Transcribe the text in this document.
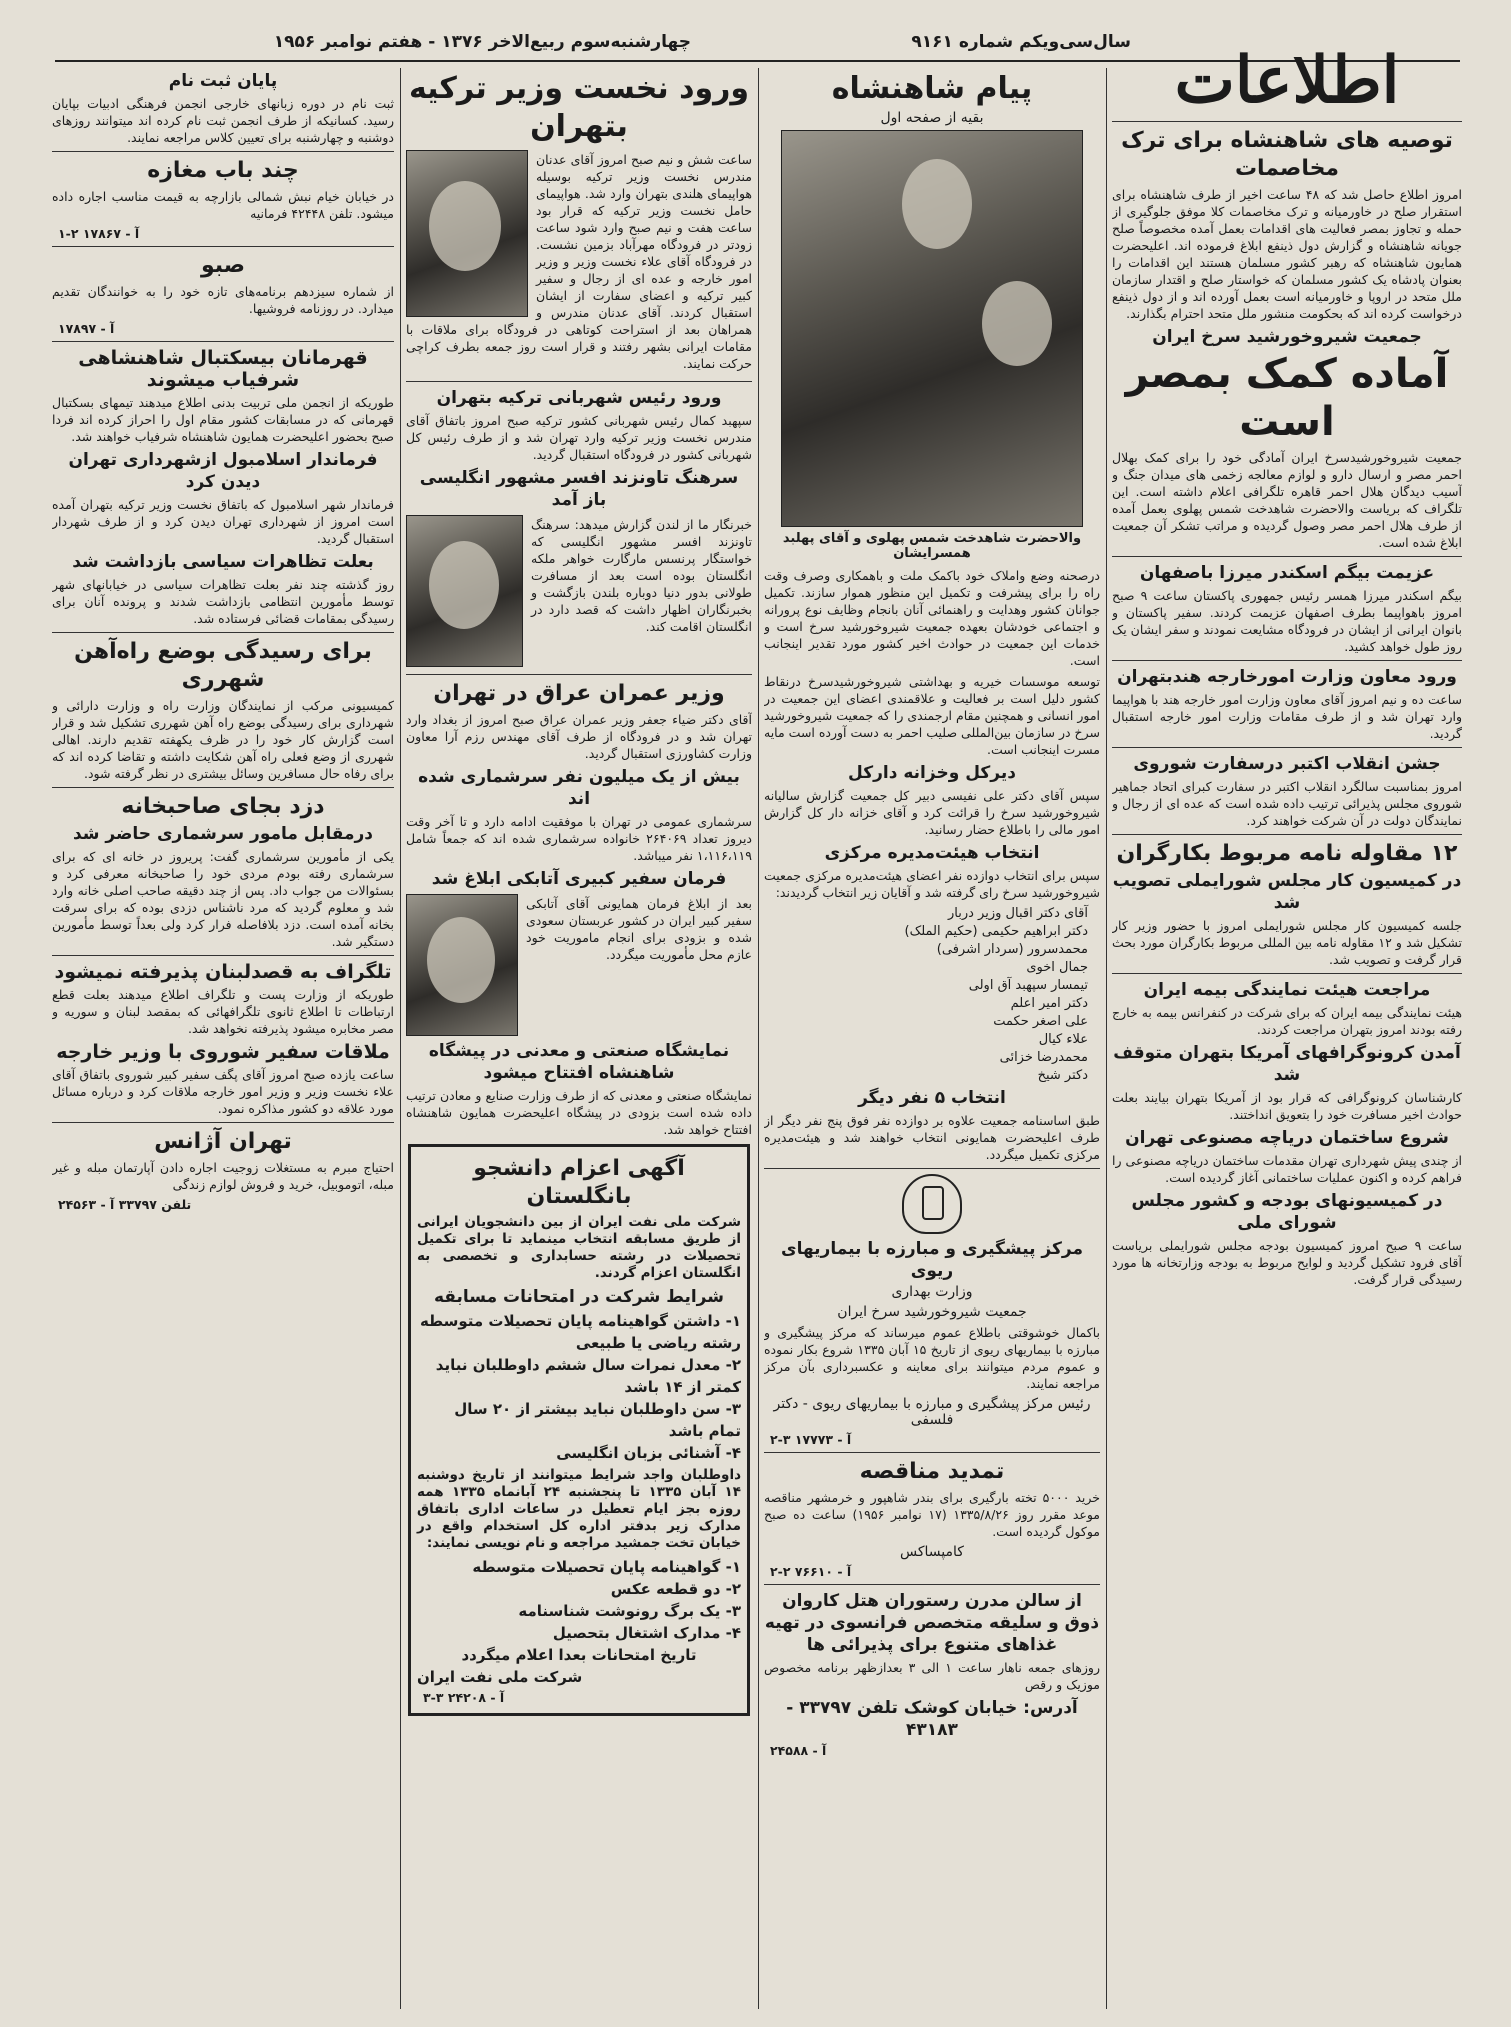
سال‌سی‌ویکم شماره ۹۱۶۱
چهارشنبه‌سوم ربیع‌الاخر ۱۳۷۶ - هفتم نوامبر ۱۹۵۶
اطلاعات
توصیه های شاهنشاه برای ترک مخاصمات

امروز اطلاع حاصل شد که ۴۸ ساعت اخیر از طرف شاهنشاه برای استقرار صلح در خاورمیانه و ترک مخاصمات کلا موفق جلوگیری از حمله و تجاوز بمصر فعالیت های اقدامات بعمل آمده مخصوصاً صلح جویانه شاهنشاه و گزارش دول ذینفع ابلاغ فرموده اند. اعلیحضرت همایون شاهنشاه که رهبر کشور مسلمان هستند این اقدامات را بعنوان پادشاه یک کشور مسلمان که خواستار صلح و اقتدار سازمان ملل متحد در اروپا و خاورمیانه است بعمل آورده اند و از دول ذینفع درخواست کرده اند که بحکومت منشور ملل متحد احترام بگذارند.

جمعیت شیروخورشید سرخ ایران
آماده کمک بمصر است

جمعیت شیروخورشیدسرخ ایران آمادگی خود را برای کمک بهلال احمر مصر و ارسال دارو و لوازم معالجه زخمی های میدان جنگ و آسیب دیدگان هلال احمر قاهره تلگرافی اعلام داشته است. این تلگراف که بریاست والاحضرت شاهدخت شمس پهلوی بعمل آمده از طرف هلال احمر مصر وصول گردیده و مراتب تشکر آن جمعیت ابلاغ شده است.

عزیمت بیگم اسکندر میرزا باصفهان

بیگم اسکندر میرزا همسر رئیس جمهوری پاکستان ساعت ۹ صبح امروز باهواپیما بطرف اصفهان عزیمت کردند. سفیر پاکستان و بانوان ایرانی از ایشان در فرودگاه مشایعت نمودند و سفر ایشان یک روز طول خواهد کشید.

ورود معاون وزارت امورخارجه هندبتهران

ساعت ده و نیم امروز آقای معاون وزارت امور خارجه هند با هواپیما وارد تهران شد و از طرف مقامات وزارت امور خارجه استقبال گردید.

جشن انقلاب اکتبر درسفارت شوروی

امروز بمناسبت سالگرد انقلاب اکتبر در سفارت کبرای اتحاد جماهیر شوروی مجلس پذیرائی ترتیب داده شده است که عده ای از رجال و نمایندگان دولت در آن شرکت خواهند کرد.

۱۲ مقاوله نامه مربوط بکارگران
در کمیسیون کار مجلس شورایملی تصویب شد

جلسه کمیسیون کار مجلس شورایملی امروز با حضور وزیر کار تشکیل شد و ۱۲ مقاوله نامه بین المللی مربوط بکارگران مورد بحث قرار گرفت و تصویب شد.

مراجعت هیئت نمایندگی بیمه ایران

هیئت نمایندگی بیمه ایران که برای شرکت در کنفرانس بیمه به خارج رفته بودند امروز بتهران مراجعت کردند.

آمدن کرونوگرافهای آمریکا بتهران متوقف شد

کارشناسان کرونوگرافی که قرار بود از آمریکا بتهران بیایند بعلت حوادث اخیر مسافرت خود را بتعویق انداختند.

شروع ساختمان دریاچه مصنوعی تهران

از چندی پیش شهرداری تهران مقدمات ساختمان دریاچه مصنوعی را فراهم کرده و اکنون عملیات ساختمانی آغاز گردیده است.

در کمیسیونهای بودجه و کشور مجلس شورای ملی

ساعت ۹ صبح امروز کمیسیون بودجه مجلس شورایملی بریاست آقای فرود تشکیل گردید و لوایح مربوط به بودجه وزارتخانه ها مورد رسیدگی قرار گرفت.

پیام شاهنشاه
بقیه از صفحه اول
والاحضرت شاهدخت شمس پهلوی و آقای پهلبد همسرایشان

درصحنه وضع واملاک خود باکمک ملت و باهمکاری وصرف وقت راه را برای پیشرفت و تکمیل این منظور هموار سازند. تکمیل جوانان کشور وهدایت و راهنمائی آنان بانجام وظایف نوع پرورانه و اجتماعی خودشان بعهده جمعیت شیروخورشید سرخ است و خدمات این جمعیت در حوادث اخیر کشور مورد تقدیر اینجانب است.

توسعه موسسات خیریه و بهداشتی شیروخورشیدسرخ درنقاط کشور دلیل است بر فعالیت و علاقمندی اعضای این جمعیت در امور انسانی و همچنین مقام ارجمندی را که جمعیت شیروخورشید سرخ در سازمان بین‌المللی صلیب احمر به دست آورده است مایه مسرت اینجانب است.

دیرکل وخزانه دارکل

سپس آقای دکتر علی نفیسی دبیر کل جمعیت گزارش سالیانه شیروخورشید سرخ را قرائت کرد و آقای خزانه دار کل گزارش امور مالی را باطلاع حضار رسانید.

انتخاب هیئت‌مدیره مرکزی

سپس برای انتخاب دوازده نفر اعضای هیئت‌مدیره مرکزی جمعیت شیروخورشید سرخ رای گرفته شد و آقایان زیر انتخاب گردیدند:

آقای دکتر اقبال وزیر دربار
دکتر ابراهیم حکیمی (حکیم الملک)
محمدسرور (سردار اشرفی)
جمال اخوی
تیمسار سپهبد آق اولی
دکتر امیر اعلم
علی اصغر حکمت
علاء کیال
محمدرضا خزائی
دکتر شیخ
انتخاب ۵ نفر دیگر

طبق اساسنامه جمعیت علاوه بر دوازده نفر فوق پنج نفر دیگر از طرف اعلیحضرت همایونی انتخاب خواهند شد و هیئت‌مدیره مرکزی تکمیل میگردد.

مرکز پیشگیری و مبارزه با بیماریهای ریوی
وزارت بهداری
جمعیت شیروخورشید سرخ ایران

باکمال خوشوقتی باطلاع عموم میرساند که مرکز پیشگیری و مبارزه با بیماریهای ریوی از تاریخ ۱۵ آبان ۱۳۳۵ شروع بکار نموده و عموم مردم میتوانند برای معاینه و عکسبرداری بآن مرکز مراجعه نمایند.

رئیس مرکز پیشگیری و مبارزه با بیماریهای ریوی - دکتر فلسفی
آ - ۱۷۷۷۳ ۳-۲
تمدید مناقصه

خرید ۵۰۰۰ تخته بارگیری برای بندر شاهپور و خرمشهر مناقصه موعد مقرر روز ۱۳۳۵/۸/۲۶ (۱۷ نوامبر ۱۹۵۶) ساعت ده صبح موکول گردیده است.

کامپساکس
آ - ۷۶۶۱۰ ۲-۲
از سالن مدرن رستوران هتل کاروان ذوق و سلیقه متخصص فرانسوی در تهیه غذاهای متنوع برای پذیرائی ها

روزهای جمعه ناهار ساعت ۱ الی ۳ بعدازظهر برنامه مخصوص موزیک و رقص

آدرس: خیابان کوشک تلفن ۳۳۷۹۷ - ۴۳۱۸۳
آ - ۲۴۵۸۸
ورود نخست وزیر ترکیه بتهران

ساعت شش و نیم صبح امروز آقای عدنان مندرس نخست وزیر ترکیه بوسیله هواپیمای هلندی بتهران وارد شد. هواپیمای حامل نخست وزیر ترکیه که قرار بود ساعت هفت و نیم صبح وارد شود ساعت زودتر در فرودگاه مهرآباد بزمین نشست. در فرودگاه آقای علاء نخست وزیر و وزیر امور خارجه و عده ای از رجال و سفیر کبیر ترکیه و اعضای سفارت از ایشان استقبال کردند. آقای عدنان مندرس و همراهان بعد از استراحت کوتاهی در فرودگاه برای ملاقات با مقامات ایرانی بشهر رفتند و قرار است روز جمعه بطرف کراچی حرکت نمایند.

ورود رئیس شهربانی ترکیه بتهران

سپهبد کمال رئیس شهربانی کشور ترکیه صبح امروز باتفاق آقای مندرس نخست وزیر ترکیه وارد تهران شد و از طرف رئیس کل شهربانی کشور در فرودگاه استقبال گردید.

سرهنگ تاونزند افسر مشهور انگلیسی باز آمد

خبرنگار ما از لندن گزارش میدهد: سرهنگ تاونزند افسر مشهور انگلیسی که خواستگار پرنسس مارگارت خواهر ملکه انگلستان بوده است بعد از مسافرت طولانی بدور دنیا دوباره بلندن بازگشت و بخبرنگاران اظهار داشت که قصد دارد در انگلستان اقامت کند.

وزیر عمران عراق در تهران

آقای دکتر ضیاء جعفر وزیر عمران عراق صبح امروز از بغداد وارد تهران شد و در فرودگاه از طرف آقای مهندس رزم آرا معاون وزارت کشاورزی استقبال گردید.

بیش از یک میلیون نفر سرشماری شده اند

سرشماری عمومی در تهران با موفقیت ادامه دارد و تا آخر وقت دیروز تعداد ۲۶۴۰۶۹ خانواده سرشماری شده اند که جمعاً شامل ۱،۱۱۶،۱۱۹ نفر میباشد.

فرمان سفیر کبیری آتابکی ابلاغ شد

بعد از ابلاغ فرمان همایونی آقای آتابکی سفیر کبیر ایران در کشور عربستان سعودی شده و بزودی برای انجام ماموریت خود عازم محل مأموریت میگردد.

نمایشگاه صنعتی و معدنی در پیشگاه شاهنشاه افتتاح میشود

نمایشگاه صنعتی و معدنی که از طرف وزارت صنایع و معادن ترتیب داده شده است بزودی در پیشگاه اعلیحضرت همایون شاهنشاه افتتاح خواهد شد.

آگهی اعزام دانشجو بانگلستان

شرکت ملی نفت ایران از بین دانشجویان ایرانی از طریق مسابقه انتخاب مینماید تا برای تکمیل تحصیلات در رشته حسابداری و تخصصی به انگلستان اعزام گردند.

شرایط شرکت در امتحانات مسابقه
۱- داشتن گواهینامه پایان تحصیلات متوسطه رشته ریاضی یا طبیعی
۲- معدل نمرات سال ششم داوطلبان نباید کمتر از ۱۴ باشد
۳- سن داوطلبان نباید بیشتر از ۲۰ سال تمام باشد
۴- آشنائی بزبان انگلیسی

داوطلبان واجد شرایط میتوانند از تاریخ دوشنبه ۱۴ آبان ۱۳۳۵ تا پنجشنبه ۲۴ آبانماه ۱۳۳۵ همه روزه بجز ایام تعطیل در ساعات اداری باتفاق مدارک زیر بدفتر اداره کل استخدام واقع در خیابان تخت جمشید مراجعه و نام نویسی نمایند:

۱- گواهینامه پایان تحصیلات متوسطه
۲- دو قطعه عکس
۳- یک برگ رونوشت شناسنامه
۴- مدارک اشتغال بتحصیل
تاریخ امتحانات بعدا اعلام میگردد
شرکت ملی نفت ایران
آ - ۲۴۲۰۸ ۳-۳
پایان ثبت نام

ثبت نام در دوره زبانهای خارجی انجمن فرهنگی ادبیات بپایان رسید. کسانیکه از طرف انجمن ثبت نام کرده اند میتوانند روزهای دوشنبه و چهارشنبه برای تعیین کلاس مراجعه نمایند.

چند باب مغازه

در خیابان خیام نبش شمالی بازارچه به قیمت مناسب اجاره داده میشود. تلفن ۴۲۴۴۸ فرمانیه

آ - ۱۷۸۶۷ ۲-۱
صبو

از شماره سیزدهم برنامه‌های تازه خود را به خوانندگان تقدیم میدارد. در روزنامه فروشیها.

آ - ۱۷۸۹۷
قهرمانان بیسکتبال شاهنشاهی شرفیاب میشوند

طوریکه از انجمن ملی تربیت بدنی اطلاع میدهند تیمهای بسکتبال قهرمانی که در مسابقات کشور مقام اول را احراز کرده اند فردا صبح بحضور اعلیحضرت همایون شاهنشاه شرفیاب خواهند شد.

فرماندار اسلامبول ازشهرداری تهران دیدن کرد

فرماندار شهر اسلامبول که باتفاق نخست وزیر ترکیه بتهران آمده است امروز از شهرداری تهران دیدن کرد و از طرف شهردار استقبال گردید.

بعلت تظاهرات سیاسی بازداشت شد

روز گذشته چند نفر بعلت تظاهرات سیاسی در خیابانهای شهر توسط مأمورین انتظامی بازداشت شدند و پرونده آنان برای رسیدگی بمقامات قضائی فرستاده شد.

برای رسیدگی بوضع راه‌آهن شهرری

کمیسیونی مرکب از نمایندگان وزارت راه و وزارت دارائی و شهرداری برای رسیدگی بوضع راه آهن شهرری تشکیل شد و قرار است گزارش کار خود را در ظرف یکهفته تقدیم دارند. اهالی شهرری از وضع فعلی راه آهن شکایت داشته و تقاضا کرده اند که برای رفاه حال مسافرین وسائل بیشتری در نظر گرفته شود.

دزد بجای صاحبخانه
درمقابل مامور سرشماری حاضر شد

یکی از مأمورین سرشماری گفت: پریروز در خانه ای که برای سرشماری رفته بودم مردی خود را صاحبخانه معرفی کرد و بسئوالات من جواب داد. پس از چند دقیقه صاحب اصلی خانه وارد شد و معلوم گردید که مرد ناشناس دزدی بوده که برای سرقت بخانه آمده است. دزد بلافاصله فرار کرد ولی بعداً توسط مأمورین دستگیر شد.

تلگراف به قصدلبنان پذیرفته نمیشود

طوریکه از وزارت پست و تلگراف اطلاع میدهند بعلت قطع ارتباطات تا اطلاع ثانوی تلگرافهائی که بمقصد لبنان و سوریه و مصر مخابره میشود پذیرفته نخواهد شد.

ملاقات سفیر شوروی با وزیر خارجه

ساعت یازده صبح امروز آقای پگف سفیر کبیر شوروی باتفاق آقای علاء نخست وزیر و وزیر امور خارجه ملاقات کرد و درباره مسائل مورد علاقه دو کشور مذاکره نمود.

تهران آژانس

احتیاج مبرم به مستغلات زوجیت اجاره دادن آپارتمان مبله و غیر مبله، اتوموبیل، خرید و فروش لوازم زندگی

تلفن ۳۳۷۹۷ آ - ۲۴۵۶۳
